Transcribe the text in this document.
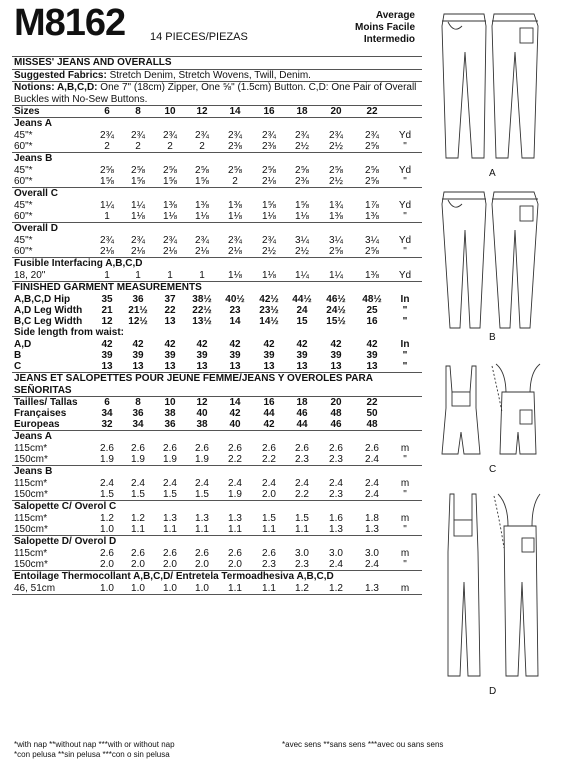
M8162 14 PIECES/PIEZAS
Average
Moins Facile
Intermedio
MISSES' JEANS AND OVERALLS
Suggested Fabrics: Stretch Denim, Stretch Wovens, Twill, Denim.
Notions: A,B,C,D: One 7" (18cm) Zipper, One ⅝" (1.5cm) Button. C,D: One Pair of Overall Buckles with No-Sew Buttons.
Sizes	6	8	10	12	14	16	18	20	22
Jeans A
45"*	2¾	2¾	2¾	2¾	2¾	2¾	2¾	2¾	2¾	Yd
60"*	2	2	2	2	2⅜	2⅜	2½	2½	2⅝	"
Jeans B
45"*	2⅝	2⅝	2⅝	2⅝	2⅝	2⅝	2⅝	2⅝	2⅝	Yd
60"*	1⅝	1⅝	1⅝	1⅝	2	2⅛	2⅜	2½	2⅝	"
Overall C
45"*	1¼	1¼	1⅜	1⅜	1⅜	1⅝	1⅝	1¾	1⅞	Yd
60"*	1	1⅛	1⅛	1⅛	1⅛	1⅛	1⅛	1⅜	1⅜	"
Overall D
45"*	2¾	2¾	2¾	2¾	2¾	2¾	3¼	3¼	3¼	Yd
60"*	2⅛	2⅛	2⅛	2⅛	2⅛	2½	2½	2⅝	2⅝	"
Fusible Interfacing A,B,C,D
18, 20"	1	1	1	1	1⅛	1⅛	1¼	1¼	1⅜	Yd
FINISHED GARMENT MEASUREMENTS
A,B,C,D Hip	35	36	37	38½	40½	42½	44½	46½	48½	In
A,D Leg Width	21	21½	22	22½	23	23½	24	24½	25	"
B,C Leg Width	12	12½	13	13½	14	14½	15	15½	16	"
Side length from waist:
A,D	42	42	42	42	42	42	42	42	42	In
B	39	39	39	39	39	39	39	39	39	"
C	13	13	13	13	13	13	13	13	13	"
JEANS ET SALOPETTES POUR JEUNE FEMME/JEANS Y OVEROLES PARA SEÑORITAS
Tailles/ Tallas	6	8	10	12	14	16	18	20	22
Françaises	34	36	38	40	42	44	46	48	50
Europeas	32	34	36	38	40	42	44	46	48
Jeans A
115cm*	2.6	2.6	2.6	2.6	2.6	2.6	2.6	2.6	2.6	m
150cm*	1.9	1.9	1.9	1.9	2.2	2.2	2.3	2.3	2.4	"
Jeans B
115cm*	2.4	2.4	2.4	2.4	2.4	2.4	2.4	2.4	2.4	m
150cm*	1.5	1.5	1.5	1.5	1.9	2.0	2.2	2.3	2.4	"
Salopette C/ Overol C
115cm*	1.2	1.2	1.3	1.3	1.3	1.5	1.5	1.6	1.8	m
150cm*	1.0	1.1	1.1	1.1	1.1	1.1	1.1	1.3	1.3	"
Salopette D/ Overol D
115cm*	2.6	2.6	2.6	2.6	2.6	2.6	3.0	3.0	3.0	m
150cm*	2.0	2.0	2.0	2.0	2.0	2.3	2.3	2.4	2.4	"
Entoilage Thermocollant A,B,C,D/ Entretela Termoadhesiva A,B,C,D
46, 51cm	1.0	1.0	1.0	1.0	1.1	1.1	1.2	1.2	1.3	m
A
B
C
D
*with nap **without nap ***with or without nap
*con pelusa **sin pelusa ***con o sin pelusa
*avec sens **sans sens ***avec ou sans sens
